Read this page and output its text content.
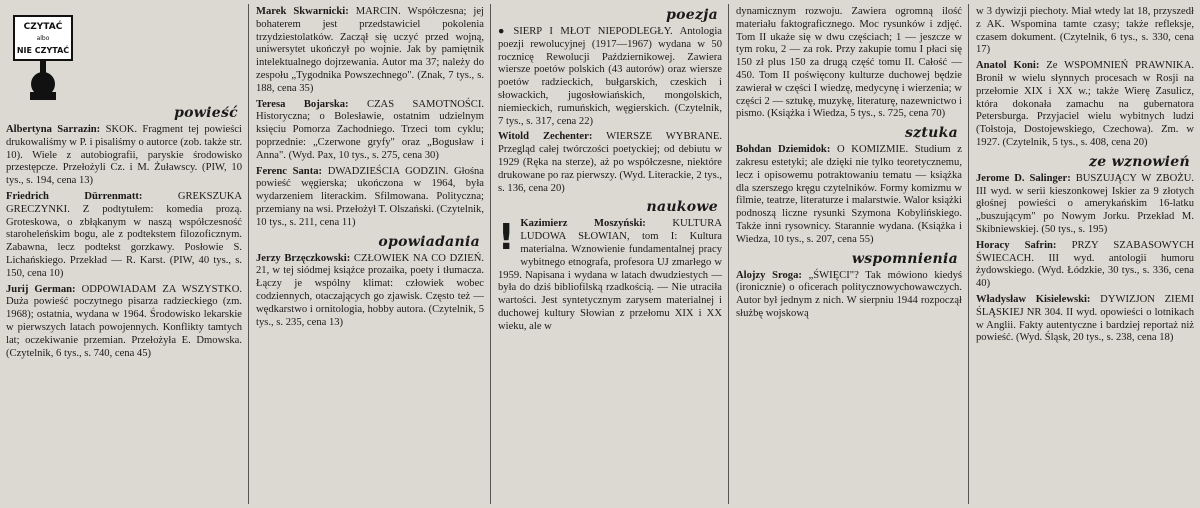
CZYTAĆ
albo
NIE CZYTAĆ
powieść

Albertyna Sarrazin: SKOK. Fragment tej powieści drukowaliśmy w P. i pisaliśmy o autorce (zob. także str. 10). Wiele z autobiografii, paryskie środowisko przestępcze. Przełożyli Cz. i M. Żuławscy. (PIW, 10 tys., s. 194, cena 13)

Friedrich Dürrenmatt:	GREKSZUKA GRECZYNKI. Z podtytułem: komedia prozą. Groteskowa, o zbłąkanym w naszą współczesność staroheleńskim bogu, ale z podtekstem filozoficznym. Zabawna, lecz podtekst gorzkawy. Posłowie S. Lichańskiego. Przekład — R. Karst. (PIW, 40 tys., s. 150, cena 10)

Jurij German: ODPOWIADAM ZA WSZYSTKO. Duża powieść poczytnego pisarza radzieckiego (zm. 1968); ostatnia, wydana w 1964. Środowisko lekarskie w pierwszych latach powojennych. Konflikty tamtych lat; oczekiwanie przemian. Przełożyła E. Dmowska. (Czytelnik, 6 tys., s. 740, cena 45)

Marek Skwarnicki: MARCIN. Współczesna; jej bohaterem jest przedstawiciel pokolenia trzydziestolatków. Zaczął się uczyć przed wojną, uniwersytet ukończył po wojnie. Jak by pamiętnik intelektualnego dojrzewania. Autor ma 37; należy do zespołu „Tygodnika Powszechnego". (Znak, 7 tys., s. 188, cena 35)

Teresa Bojarska: CZAS SAMOTNOŚCI. Historyczna; o Bolesławie, ostatnim udzielnym księciu Pomorza Zachodniego. Trzeci tom cyklu; poprzednie: „Czerwone gryfy" oraz „Bogusław i Anna". (Wyd. Pax, 10 tys., s. 275, cena 30)

Ferenc Santa: DWADZIEŚCIA GODZIN. Głośna powieść węgierska; ukończona w 1964, była wydarzeniem literackim. Sfilmowana. Polityczna; przemiany na wsi. Przełożył T. Olszański. (Czytelnik, 10 tys., s. 211, cena 11)

opowiadania

Jerzy Brzęczkowski: CZŁOWIEK NA CO DZIEŃ. 21, w tej siódmej książce prozaika, poety i tłumacza. Łączy je wspólny klimat: człowiek wobec codziennych, otaczających go zjawisk. Często też — wędkarstwo i ornitologia, hobby autora. (Czytelnik, 5 tys., s. 235, cena 13)

poezja

● SIERP I MŁOT NIEPODLEGŁY. Antologia poezji rewolucyjnej (1917—1967) wydana w 50 rocznicę Rewolucji Październikowej. Zawiera wiersze poetów polskich (43 autorów) oraz wiersze poetów radzieckich, bułgarskich, czeskich i słowackich, jugosłowiańskich, mongolskich, niemieckich, rumuńskich, węgierskich. (Czytelnik, 7 tys., s. 317, cena 22)

Witold Zechenter: WIERSZE WYBRANE. Przegląd całej twórczości poetyckiej; od debiutu w 1929 (Ręka na sterze), aż po współczesne, niektóre drukowane po raz pierwszy. (Wyd. Literackie, 2 tys., s. 136, cena 20)

naukowe

! Kazimierz Moszyński:	KULTURA LUDOWA SŁOWIAN, tom I: Kultura materialna. Wznowienie fundamentalnej pracy wybitnego etnografa, profesora UJ zmarłego w 1959. Napisana i wydana w latach dwudziestych — była do dziś bibliofilską rzadkością. — Nie utraciła wartości. Jest syntetycznym zarysem materialnej i duchowej kultury Słowian z przełomu XIX i XX wieku, ale w

dynamicznym rozwoju. Zawiera ogromną ilość materiału faktograficznego. Moc rysunków i zdjęć. Tom II ukaże się w dwu częściach; 1 — jeszcze w tym roku, 2 — za rok. Przy zakupie tomu I płaci się 150 zł plus 150 za drugą część tomu II. Całość — 450. Tom II poświęcony kulturze duchowej będzie zawierał w części I wiedzę, medycynę i wierzenia; w części 2 — sztukę, muzykę, literaturę, nazewnictwo i pismo. (Książka i Wiedza, 5 tys., s. 725, cena 70)

sztuka

Bohdan Dziemidok: O KOMIZMIE. Studium z zakresu estetyki; ale dzięki nie tylko teoretycznemu, lecz i opisowemu potraktowaniu tematu — książka dla szerszego kręgu czytelników. Formy komizmu w filmie, teatrze, literaturze i malarstwie. Walor książki podnoszą liczne rysunki Szymona Kobylińskiego. Także inni rysownicy. Starannie wydana. (Książka i Wiedza, 10 tys., s. 207, cena 55)

wspomnienia

Alojzy Sroga: „ŚWIĘCI"? Tak mówiono kiedyś (ironicznie) o oficerach politycznowychowawczych. Autor był jednym z nich. W sierpniu 1944 rozpoczął służbę wojskową

w 3 dywizji piechoty. Miał wtedy lat 18, przyszedł z AK. Wspomina tamte czasy; także refleksje, czasem dokument. (Czytelnik, 6 tys., s. 330, cena 17)

Anatol Koni: Ze WSPOMNIEŃ PRAWNIKA. Bronił w wielu słynnych procesach w Rosji na przełomie XIX i XX w.; także Wierę Zasulicz, która dokonała zamachu na gubernatora Petersburga. Przyjaciel wielu wybitnych ludzi (Tołstoja, Dostojewskiego, Czechowa). Zm. w 1927. (Czytelnik, 5 tys., s. 408, cena 20)

ze wznowień

Jerome D. Salinger: BUSZUJĄCY W ZBOŻU. III wyd. w serii kieszonkowej Iskier za 9 złotych głośnej powieści o amerykańskim 16-latku „buszującym" po Nowym Jorku. Przekład M. Skibniewskiej. (50 tys., s. 195)

Horacy Safrin: PRZY SZABASOWYCH ŚWIECACH. III wyd. antologii humoru żydowskiego. (Wyd. Łódzkie, 30 tys., s. 336, cena 40)

Władysław Kisielewski: DYWIZJON ZIEMI ŚLĄSKIEJ NR 304. II wyd. opowieści o lotnikach w Anglii. Fakty autentyczne i bardziej reportaż niż powieść. (Wyd. Śląsk, 20 tys., s. 238, cena 18)
